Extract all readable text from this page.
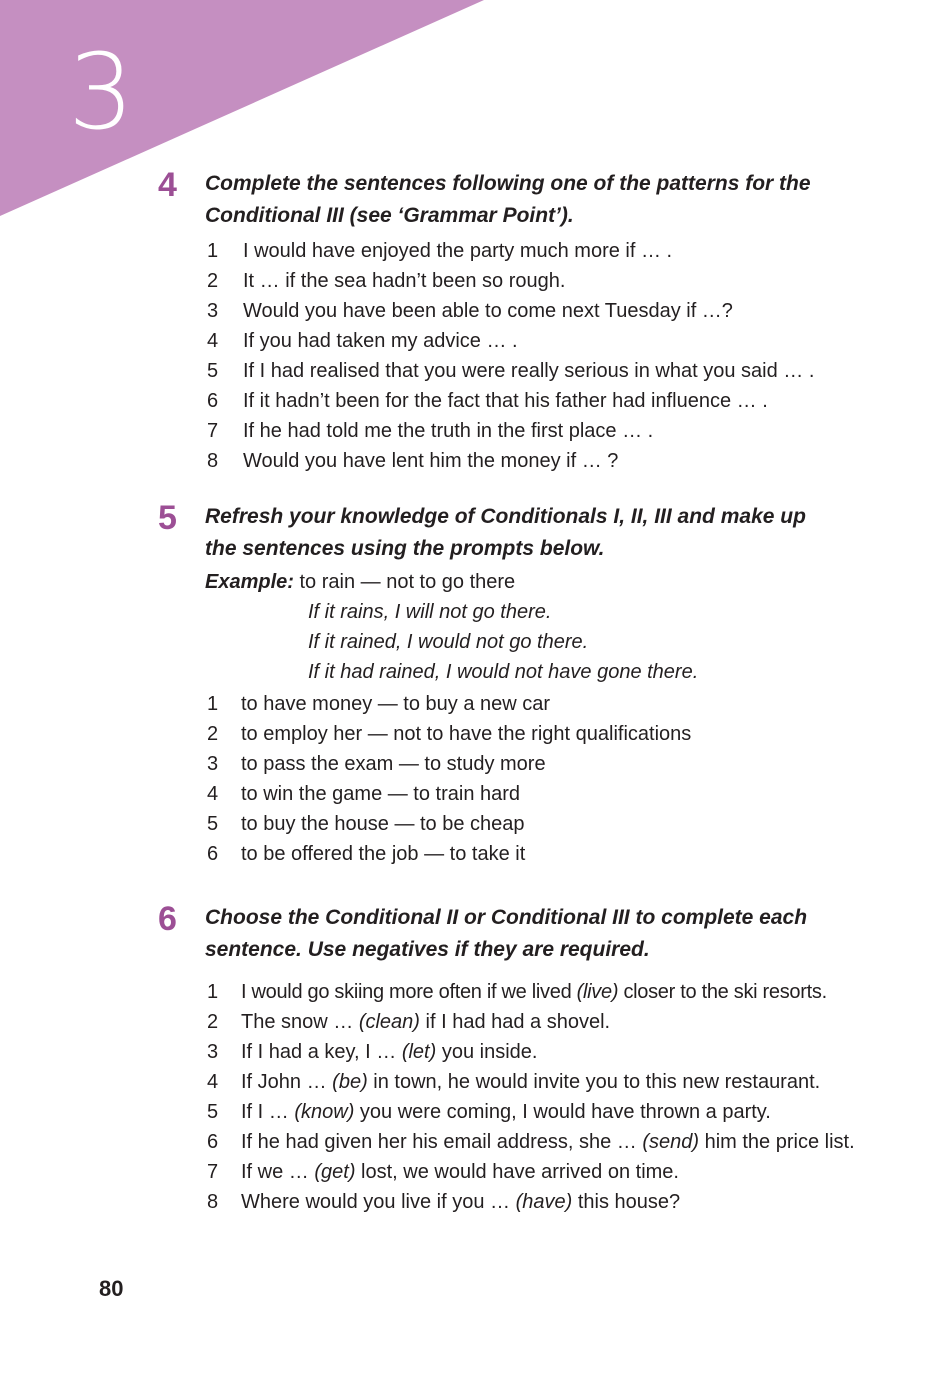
3
4 Complete the sentences following one of the patterns for the
Conditional III (see ‘Grammar Point’).
1	I would have enjoyed the party much more if … .
2	It … if the sea hadn’t been so rough.
3	Would you have been able to come next Tuesday if …?
4	If you had taken my advice … .
5	If I had realised that you were really serious in what you said … .
6	If it hadn’t been for the fact that his father had influence … .
7	If he had told me the truth in the first place … .
8	Would you have lent him the money if … ?
5 Refresh your knowledge of Conditionals I, II, III and make up
the sentences using the prompts below.
Example: to rain — not to go there
If it rains, I will not go there.
If it rained, I would not go there.
If it had rained, I would not have gone there.
1	to have money — to buy a new car
2	to employ her — not to have the right qualifications
3	to pass the exam — to study more
4	to win the game — to train hard
5	to buy the house — to be cheap
6	to be offered the job — to take it
6 Choose the Conditional II or Conditional III to complete each
sentence. Use negatives if they are required.
1	I would go skiing more often if we lived (live) closer to the ski resorts.
2	The snow … (clean) if I had had a shovel.
3	If I had a key, I … (let) you inside.
4	If John … (be) in town, he would invite you to this new restaurant.
5	If I … (know) you were coming, I would have thrown a party.
6	If he had given her his email address, she … (send) him the price list.
7	If we … (get) lost, we would have arrived on time.
8	Where would you live if you … (have) this house?
80
